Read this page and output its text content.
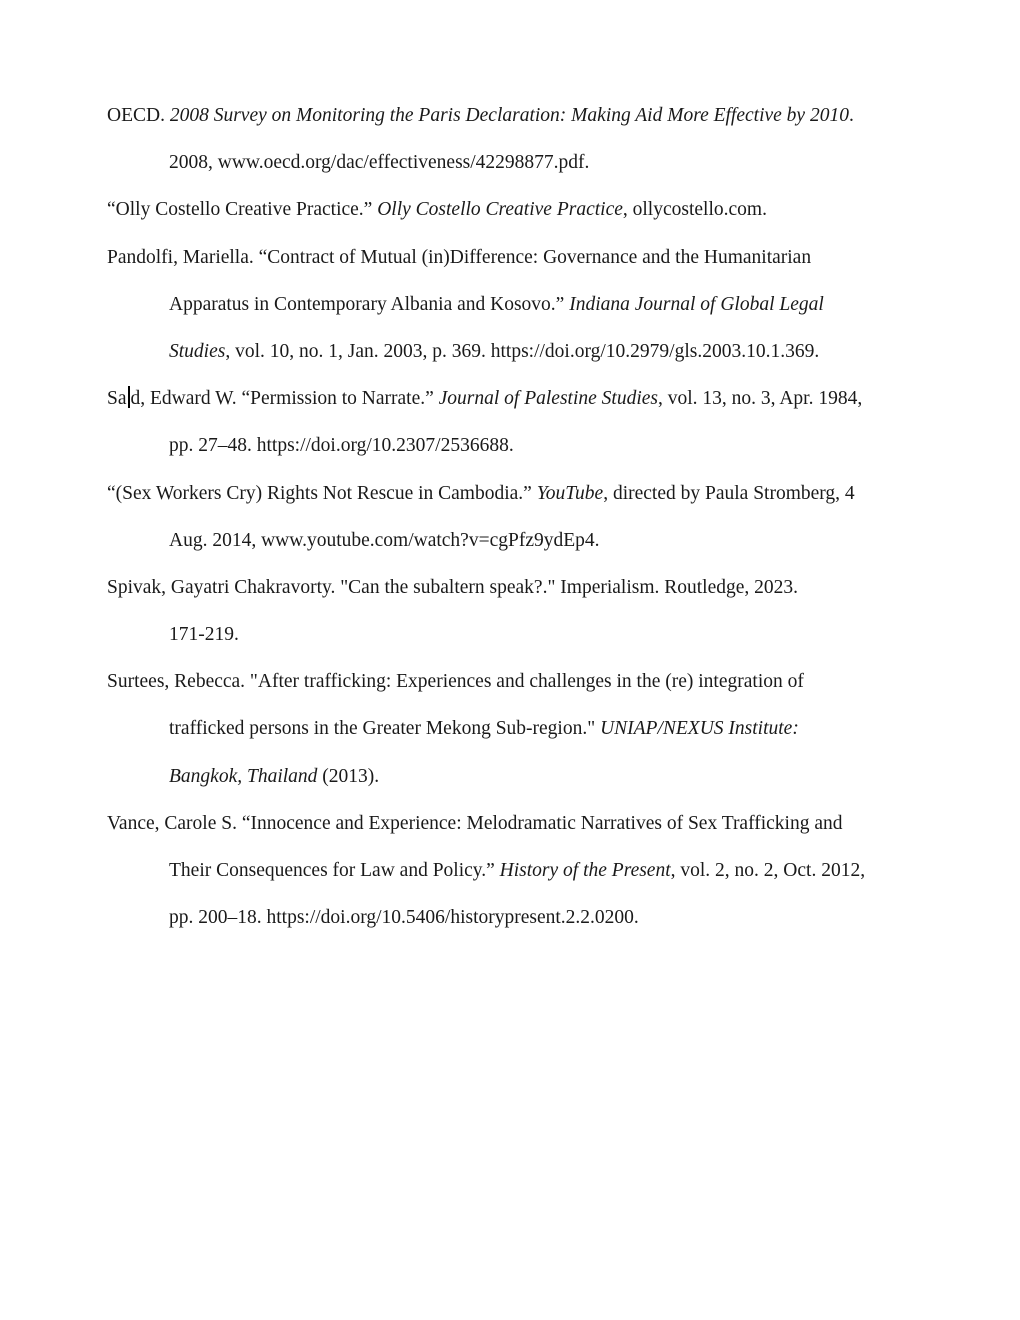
OECD. 2008 Survey on Monitoring the Paris Declaration: Making Aid More Effective by 2010.
2008, www.oecd.org/dac/effectiveness/42298877.pdf.
“Olly Costello Creative Practice.” Olly Costello Creative Practice, ollycostello.com.
Pandolfi, Mariella. “Contract of Mutual (in)Difference: Governance and the Humanitarian
Apparatus in Contemporary Albania and Kosovo.” Indiana Journal of Global Legal
Studies, vol. 10, no. 1, Jan. 2003, p. 369. https://doi.org/10.2979/gls.2003.10.1.369.
Sa d, Edward W. “Permission to Narrate.” Journal of Palestine Studies, vol. 13, no. 3, Apr. 1984,
pp. 27–48. https://doi.org/10.2307/2536688.
“(Sex Workers Cry) Rights Not Rescue in Cambodia.” YouTube, directed by Paula Stromberg, 4
Aug. 2014, www.youtube.com/watch?v=cgPfz9ydEp4.
Spivak, Gayatri Chakravorty. "Can the subaltern speak?." Imperialism. Routledge, 2023.
171-219.
Surtees, Rebecca. "After trafficking: Experiences and challenges in the (re) integration of
trafficked persons in the Greater Mekong Sub-region." UNIAP/NEXUS Institute:
Bangkok, Thailand (2013).
Vance, Carole S. “Innocence and Experience: Melodramatic Narratives of Sex Trafficking and
Their Consequences for Law and Policy.” History of the Present, vol. 2, no. 2, Oct. 2012,
pp. 200–18. https://doi.org/10.5406/historypresent.2.2.0200.
